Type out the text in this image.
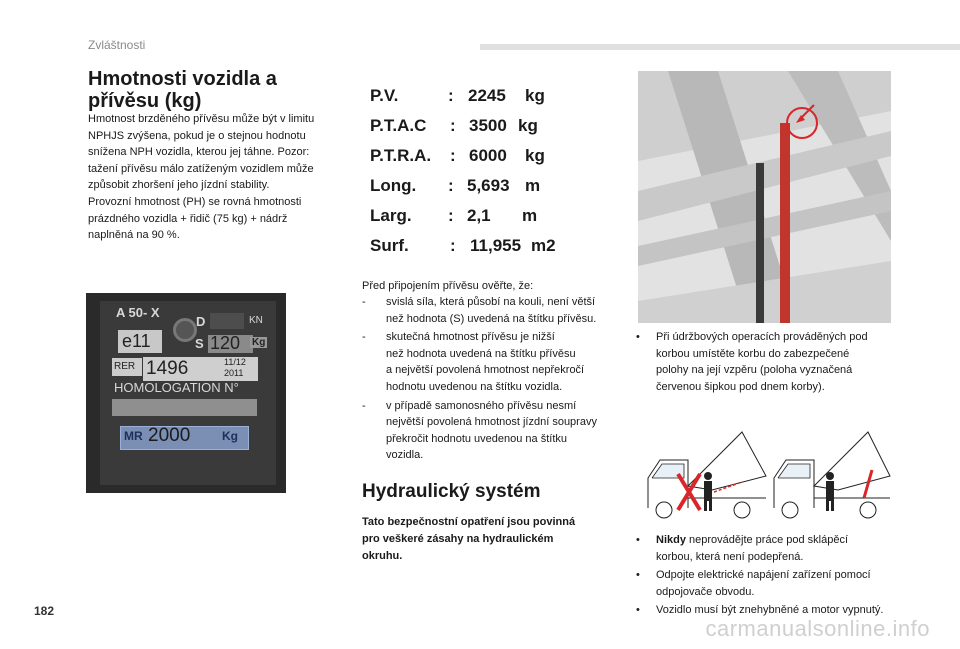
Zvláštnosti
Hmotnosti vozidla a
přívěsu (kg)
Hmotnost brzděného přívěsu může být v limitu
NPHJS zvýšena, pokud je o stejnou hodnotu
snížena NPH vozidla, kterou jej táhne. Pozor:
tažení přívěsu málo zatíženým vozidlem může
způsobit zhoršení jeho jízdní stability.
Provozní hmotnost (PH) se rovná hmotnosti
prázdného vozidla + řidič (75 kg) + nádrž
naplněná na 90 %.
A 50- X
D	KN
e11	S 120 Kg
RER 1496	11/12
2011
HOMOLOGATION N°
MR 2000	Kg
P.V.	: 2245 kg
P.T.A.C : 3500 kg
P.T.R.A. : 6000 kg
Long. : 5,693 m
Larg. : 2,1 m
Surf. : 11,955 m2
Před připojením přívěsu ověřte, že:
- svislá síla, která působí na kouli, není větší
než hodnota (S) uvedená na štítku přívěsu.
- skutečná hmotnost přívěsu je nižší
než hodnota uvedená na štítku přívěsu
a největší povolená hmotnost nepřekročí
hodnotu uvedenou na štítku vozidla.
- v případě samonosného přívěsu nesmí
největší povolená hmotnost jízdní soupravy
překročit hodnotu uvedenou na štítku
vozidla.
Hydraulický systém
Tato bezpečnostní opatření jsou povinná
pro veškeré zásahy na hydraulickém
okruhu.
• Při údržbových operacích prováděných pod
korbou umístěte korbu do zabezpečené
polohy na její vzpěru (poloha vyznačená
červenou šipkou pod dnem korby).
• Nikdy neprovádějte práce pod sklápěcí
korbou, která není podepřená.
• Odpojte elektrické napájení zařízení pomocí
odpojovače obvodu.
• Vozidlo musí být znehybněné a motor vypnutý.
182
carmanualsonline.info
